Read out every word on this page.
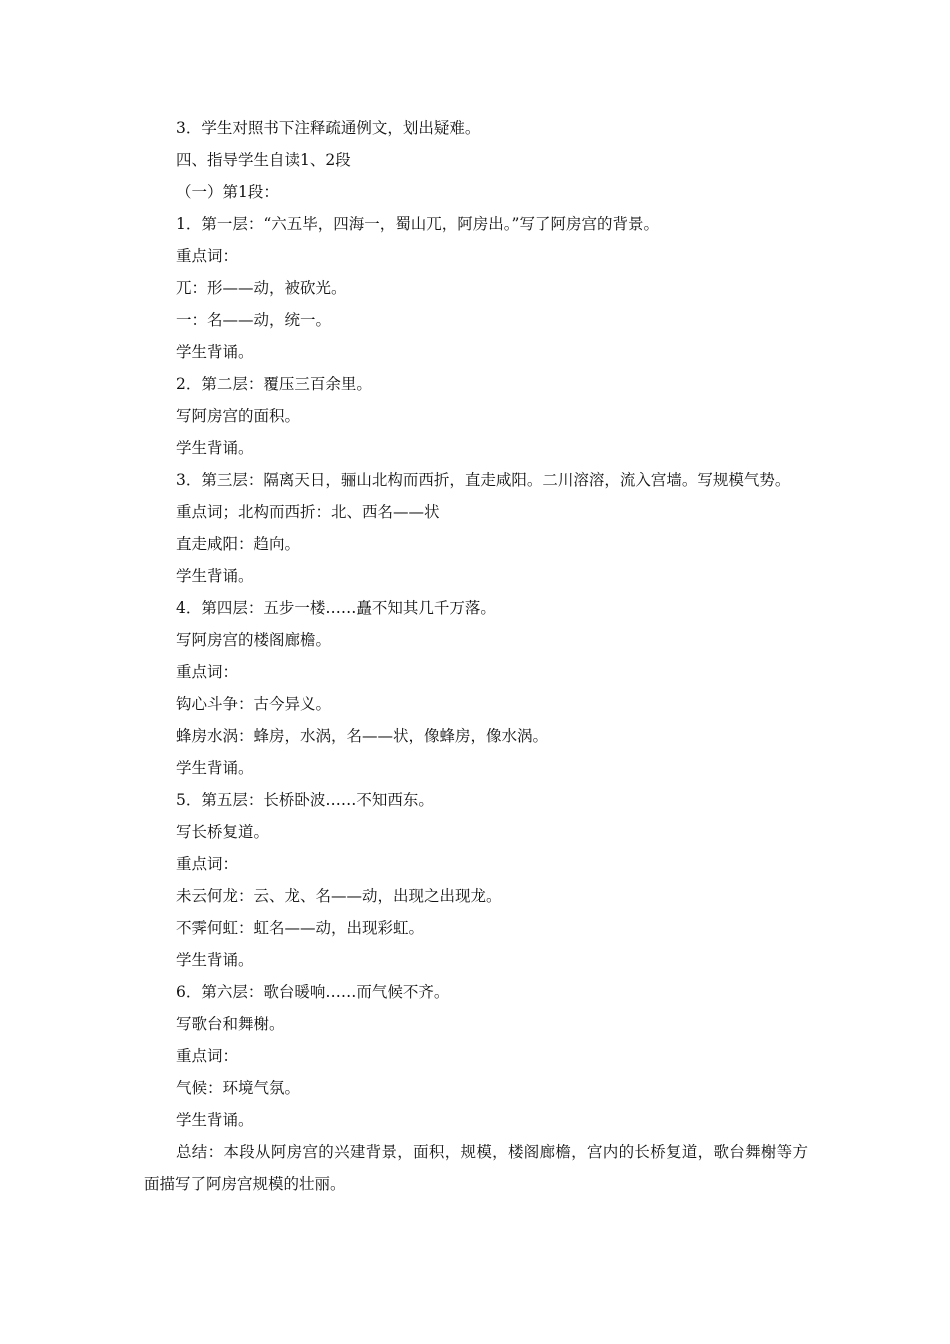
3．学生对照书下注释疏通例文，划出疑难。

四、指导学生自读1、2段

（一）第1段：

1．第一层：“六五毕，四海一，蜀山兀，阿房出。”写了阿房宫的背景。

重点词：

兀：形——动，被砍光。

一：名——动，统一。

学生背诵。

2．第二层：覆压三百余里。

写阿房宫的面积。

学生背诵。

3．第三层：隔离天日，骊山北构而西折，直走咸阳。二川溶溶，流入宫墙。写规模气势。

重点词；北构而西折：北、西名——状

直走咸阳：趋向。

学生背诵。

4．第四层：五步一楼……矗不知其几千万落。

写阿房宫的楼阁廊檐。

重点词：

钩心斗争：古今异义。

蜂房水涡：蜂房，水涡，名——状，像蜂房，像水涡。

学生背诵。

5．第五层：长桥卧波……不知西东。

写长桥复道。

重点词：

未云何龙：云、龙、名——动，出现之出现龙。

不霁何虹：虹名——动，出现彩虹。

学生背诵。

6．第六层：歌台暖响……而气候不齐。

写歌台和舞榭。

重点词：

气候：环境气氛。

学生背诵。

总结：本段从阿房宫的兴建背景，面积，规模，楼阁廊檐，宫内的长桥复道，歌台舞榭等方面描写了阿房宫规模的壮丽。
